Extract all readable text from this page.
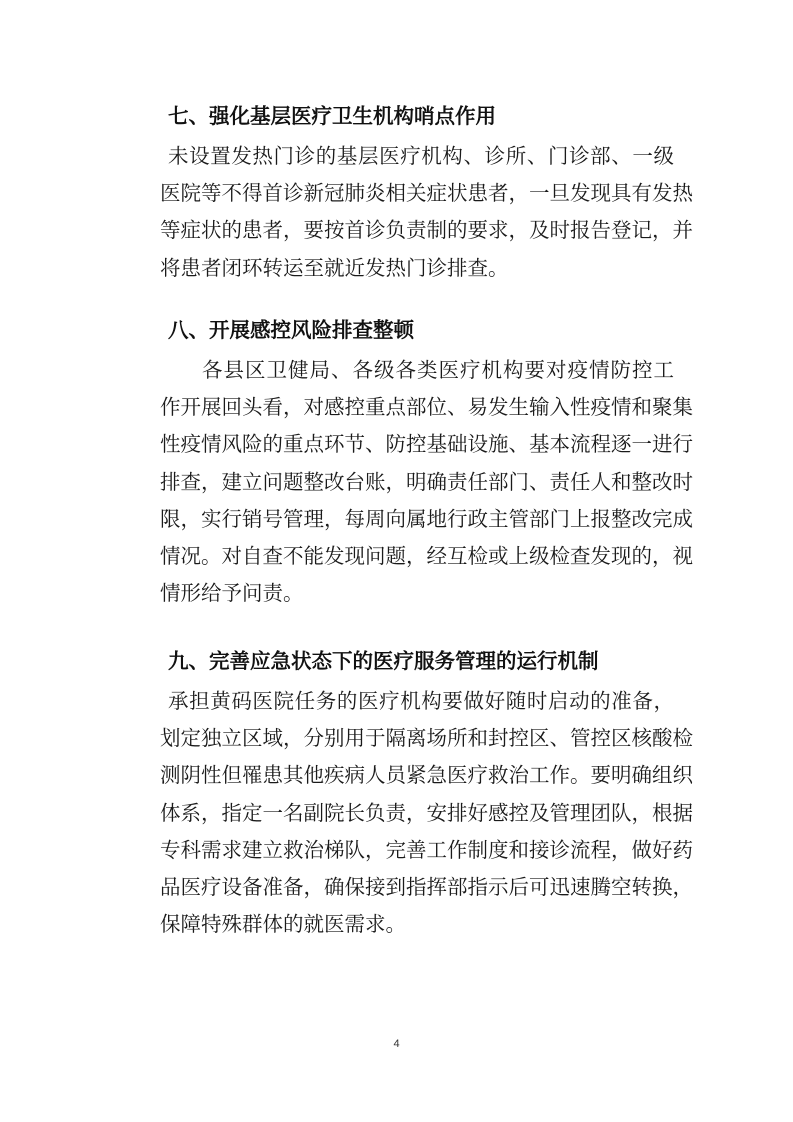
七、强化基层医疗卫生机构哨点作用
未设置发热门诊的基层医疗机构、诊所、门诊部、一级
医院等不得首诊新冠肺炎相关症状患者，一旦发现具有发热
等症状的患者，要按首诊负责制的要求，及时报告登记，并
将患者闭环转运至就近发热门诊排查。
八、开展感控风险排查整顿
各县区卫健局、各级各类医疗机构要对疫情防控工
作开展回头看，对感控重点部位、易发生输入性疫情和聚集
性疫情风险的重点环节、防控基础设施、基本流程逐一进行
排查，建立问题整改台账，明确责任部门、责任人和整改时
限，实行销号管理，每周向属地行政主管部门上报整改完成
情况。对自查不能发现问题，经互检或上级检查发现的，视
情形给予问责。
九、完善应急状态下的医疗服务管理的运行机制
承担黄码医院任务的医疗机构要做好随时启动的准备，
划定独立区域，分别用于隔离场所和封控区、管控区核酸检
测阴性但罹患其他疾病人员紧急医疗救治工作。要明确组织
体系，指定一名副院长负责，安排好感控及管理团队，根据
专科需求建立救治梯队，完善工作制度和接诊流程，做好药
品医疗设备准备，确保接到指挥部指示后可迅速腾空转换，
保障特殊群体的就医需求。
4
